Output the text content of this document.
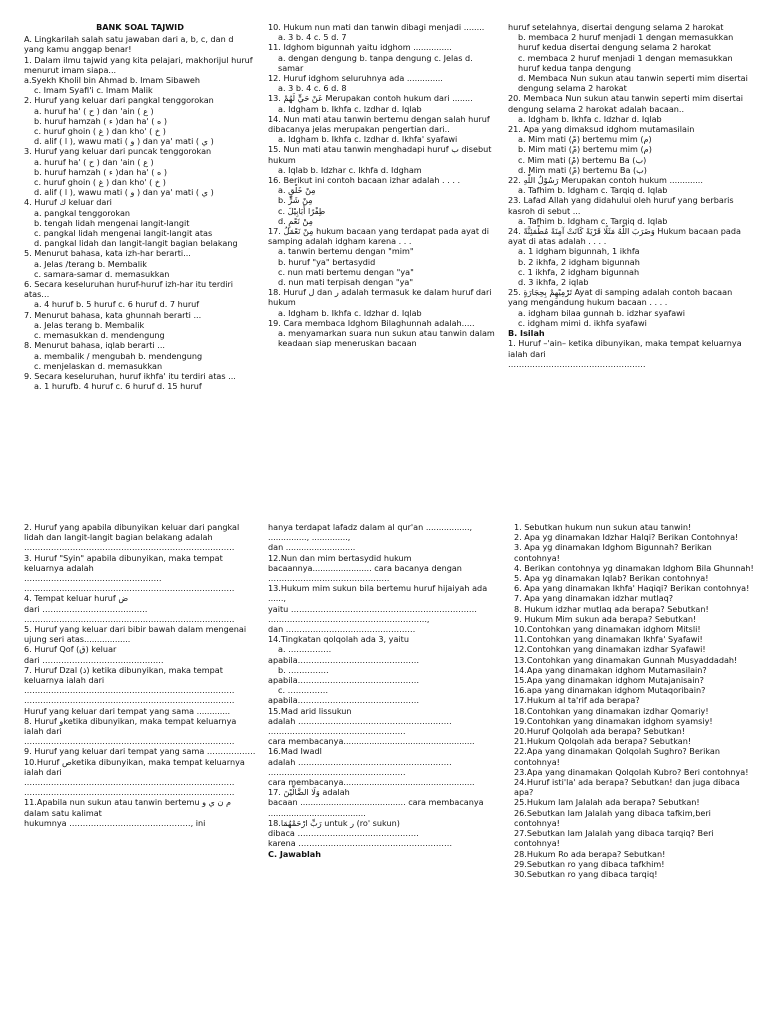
BANK SOAL TAJWID

A. Lingkarilah salah satu jawaban dari a, b, c, dan d yang kamu anggap benar!

1. Dalam ilmu tajwid yang kita pelajari, makhorijul huruf menurut imam siapa...

a.Syekh Kholil bin Ahmad b. Imam Sibaweh

c. Imam Syafi'i c. Imam Malik

2. Huruf yang keluar dari pangkal tenggorokan

a. huruf ha' ( ح ) dan 'ain ( ع )

b. huruf hamzah ( ء )dan ha' ( ه )

c. huruf ghoin ( غ ) dan kho' ( خ )

d. alif ( ا ), wawu mati ( و ) dan ya' mati ( ي )

3. Huruf yang keluar dari puncak tenggorokan

a. huruf ha' ( ح ) dan 'ain ( ع )

b. huruf hamzah ( ء )dan ha' ( ه )

c. huruf ghoin ( غ ) dan kho' ( خ )

d. alif ( ا ), wawu mati ( و ) dan ya' mati ( ي )

4. Huruf ك keluar dari

a. pangkal tenggorokan

b. tengah lidah mengenai langit-langit

c. pangkal lidah mengenai langit-langit atas

d. pangkal lidah dan langit-langit bagian belakang

5. Menurut bahasa, kata izh-har berarti...

a. Jelas /terang b. Membalik

c. samara-samar d. memasukkan

6. Secara keseluruhan huruf-huruf izh-har itu terdiri atas…

a. 4 huruf b. 5 huruf c. 6 huruf d. 7 huruf

7. Menurut bahasa, kata ghunnah berarti ...

a. Jelas terang b. Membalik

c. memasukkan d. mendengung

8. Menurut bahasa, iqlab berarti ...

a. membalik / mengubah b. mendengung

c. menjelaskan d. memasukkan

9. Secara keseluruhan, huruf ikhfa' itu terdiri atas ...

a. 1 hurufb. 4 huruf c. 6 huruf d. 15 huruf

10. Hukum nun mati dan tanwin dibagi menjadi ........

a. 3 b. 4 c. 5 d. 7

11. Idghom bigunnah yaitu idghom ...............

a. dengan dengung b. tanpa dengung c. Jelas d. samar

12. Huruf idghom seluruhnya ada ..............

a. 3 b. 4 c. 6 d. 8

13. عَنْ حَيٍّ لَهُمْ Merupakan contoh hukum dari ........

a. Idgham b. Ikhfa c. Izdhar d. Iqlab

14. Nun mati atau tanwin bertemu dengan salah huruf dibacanya jelas merupakan pengertian dari..

a. Idgham b. Ikhfa c. Izdhar d. Ikhfa' syafawi

15. Nun mati atau tanwin menghadapi huruf ب disebut hukum

a. Iqlab b. Idzhar c. Ikhfa d. Idgham

16. Berikut ini contoh bacaan izhar adalah . . . .

a. مِنْ خَلْقٍ

b. مِنْ شَرٍّ

c. طِفْرًا أَبَابِيْلَ

d. مِنْ نَعْمٍ

17. مِنْ نَعْمَلُ hukum bacaan yang terdapat pada ayat di samping adalah idgham karena . . .

a. tanwin bertemu dengan "mim"

b. huruf "ya" bertasydid

c. nun mati bertemu dengan "ya"

d. nun mati terpisah dengan "ya"

18. Huruf ل dan ر adalah termasuk ke dalam huruf dari hukum

a. Idgham b. Ikhfa c. Idzhar d. Iqlab

19. Cara membaca Idghom Bilaghunnah adalah.....

a. menyamarkan suara nun sukun atau tanwin dalam keadaan siap meneruskan bacaan

huruf setelahnya, disertai dengung selama 2 harokat

b. membaca 2 huruf menjadi 1 dengan memasukkan huruf kedua disertai dengung selama 2 harokat

c. membaca 2 huruf menjadi 1 dengan memasukkan huruf kedua tanpa dengung

d. Membaca Nun sukun atau tanwin seperti mim disertai dengung selama 2 harokat

20. Membaca Nun sukun atau tanwin seperti mim disertai dengung selama 2 harokat adalah bacaan..

a. Idgham b. Ikhfa c. Idzhar d. Iqlab

21. Apa yang dimaksud idghom mutamasilain

a. Mim mati (مْ) bertemu mim (م)

b. Mim mati (مْ) bertemu mim (م)

c. Mim mati (مْ) bertemu Ba (ب)

d. Mim mati (مْ) bertemu Ba (ب)

22. رَسُوْلُ اللّٰهِ Merupakan contoh hukum .............

a. Tafhim b. Idgham c. Tarqiq d. Iqlab

23. Lafad Allah yang didahului oleh huruf yang berbaris kasroh di sebut ...

a. Tafhim b. Idgham c. Tarqiq d. Iqlab

24. وَضَرَبَ اللّٰهُ مَثَلًا قَرْيَةً كَانَتْ آمِنَةً مُطْمَئِنَّةً Hukum bacaan pada ayat di atas adalah . . . .

a. 1 idgham bigunnah, 1 ikhfa

b. 2 ikhfa, 2 idgham bigunnah

c. 1 ikhfa, 2 idgham bigunnah

d. 3 ikhfa, 2 iqlab

25. تَرْمِيْهِمْ بِحِجَارَةٍ Ayat di samping adalah contoh bacaan yang mengandung hukum bacaan . . . .

a. idgham bilaa gunnah b. idzhar syafawi

c. idgham mimi d. ikhfa syafawi

B. Isilah

1. Huruf –'ain– ketika dibunyikan, maka tempat keluarnya ialah dari

……………………………………………

2. Huruf yang apabila dibunyikan keluar dari pangkal lidah dan langit-langit bagian belakang adalah

……………………………………………………………………

3. Huruf "Syin" apabila dibunyikan, maka tempat keluarnya adalah

……………………………………………

……………………………………………………………………

4. Tempat keluar huruf ض

dari …………………………………

……………………………………………………………………

5. Huruf yang keluar dari bibir bawah dalam mengenai ujung seri atas..................

6. Huruf Qof (ق) keluar

dari ………………………………………

7. Huruf Dzal (ذ) ketika dibunyikan, maka tempat keluarnya ialah dari

……………………………………………………………………

……………………………………………………………………

Huruf yang keluar dari tempat yang sama .............

8. Huruf وketika dibunyikan, maka tempat keluarnya ialah dari

……………………………………………………………………

9. Huruf yang keluar dari tempat yang sama ………………

10.Huruf صketika dibunyikan, maka tempat keluarnya ialah dari

……………………………………………………………………

……………………………………………………………………

11.Apabila nun sukun atau tanwin bertemu م ن ي و dalam satu kalimat

hukumnya ………………………………………, ini

hanya terdapat lafadz dalam al qur'an ................., ..............., ..............,

dan ...........................

12.Nun dan mim bertasydid hukum bacaannya....................... cara bacanya dengan

………………………………………

13.Hukum mim sukun bila bertemu huruf hijaiyah ada ......,

yaitu ……………………………………………………………

…………………………………………………..,

dan …………………………………………

14.Tingkatan qolqolah ada 3, yaitu

a. …………….

apabila………………………………………

b. ……………

apabila………………………………………

c. ……………

apabila………………………………………

15.Mad arid lissukun

adalah …………………………………………………

……………………………………………

cara membacanya...................................................

16.Mad Iwadl

adalah …………………………………………………

……………………………………………

cara membacanya...................................................

17. وَلَا الضَّالِّيْنَ adalah

bacaan ......................................... cara membacanya ......................................

18.رَبِّ ارْحَمْهُمَا untuk ر (ro' sukun)

dibaca ………………………………………

karena …………………………………………………

C. Jawablah

1. Sebutkan hukum nun sukun atau tanwin!

2. Apa yg dinamakan Idzhar Halqi? Berikan Contohnya!

3. Apa yg dinamakan Idghom Bigunnah? Berikan contohnya!

4. Berikan contohnya yg dinamakan Idghom Bila Ghunnah!

5. Apa yg dinamakan Iqlab? Berikan contohnya!

6. Apa yang dinamakan Ikhfa' Haqiqi? Berikan contohnya!

7. Apa yang dinamakan idzhar mutlaq?

8. Hukum idzhar mutlaq ada berapa? Sebutkan!

9. Hukum Mim sukun ada berapa? Sebutkan!

10.Contohkan yang dinamakan idghom Mitsli!

11.Contohkan yang dinamakan Ikhfa' Syafawi!

12.Contohkan yang dinamakan izdhar Syafawi!

13.Contohkan yang dinamakan Gunnah Musyaddadah!

14.Apa yang dinamakan idghom Mutamasilain?

15.Apa yang dinamakan idghom Mutajanisain?

16.apa yang dinamakan idghom Mutaqoribain?

17.Hukum al ta'rif ada berapa?

18.Contohkan yang dinamakan izdhar Qomariy!

19.Contohkan yang dinamakan idghom syamsiy!

20.Huruf Qolqolah ada berapa? Sebutkan!

21.Hukum Qolqolah ada berapa? Sebutkan!

22.Apa yang dinamakan Qolqolah Sughro? Berikan contohnya!

23.Apa yang dinamakan Qolqolah Kubro? Beri contohnya!

24.Huruf isti'la' ada berapa? Sebutkan! dan juga dibaca apa?

25.Hukum lam Jalalah ada berapa? Sebutkan!

26.Sebutkan lam Jalalah yang dibaca tafkim,beri contohnya!

27.Sebutkan lam Jalalah yang dibaca tarqiq? Beri contohnya!

28.Hukum Ro ada berapa? Sebutkan!

29.Sebutkan ro yang dibaca tafkhim!

30.Sebutkan ro yang dibaca tarqiq!
